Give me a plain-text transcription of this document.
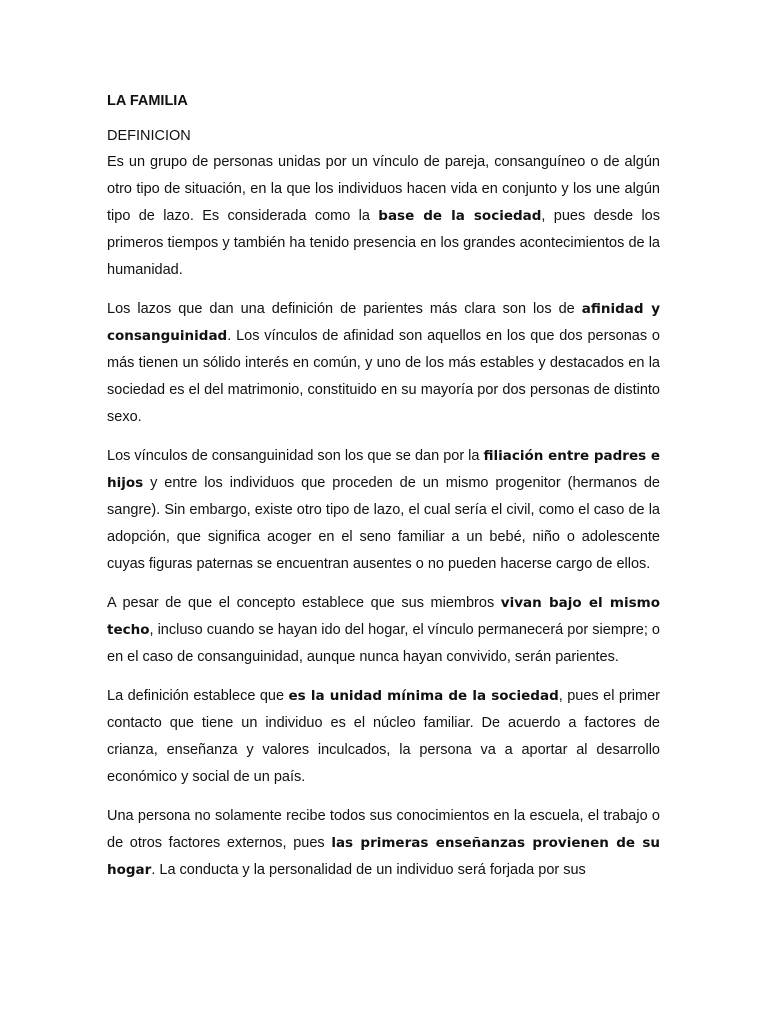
LA FAMILIA
DEFINICION

Es un grupo de personas unidas por un vínculo de pareja, consanguíneo o de algún otro tipo de situación, en la que los individuos hacen vida en conjunto y los une algún tipo de lazo. Es considerada como la base de la sociedad, pues desde los primeros tiempos y también ha tenido presencia en los grandes acontecimientos de la humanidad.

Los lazos que dan una definición de parientes más clara son los de afinidad y consanguinidad. Los vínculos de afinidad son aquellos en los que dos personas o más tienen un sólido interés en común, y uno de los más estables y destacados en la sociedad es el del matrimonio, constituido en su mayoría por dos personas de distinto sexo.

Los vínculos de consanguinidad son los que se dan por la filiación entre padres e hijos y entre los individuos que proceden de un mismo progenitor (hermanos de sangre). Sin embargo, existe otro tipo de lazo, el cual sería el civil, como el caso de la adopción, que significa acoger en el seno familiar a un bebé, niño o adolescente cuyas figuras paternas se encuentran ausentes o no pueden hacerse cargo de ellos.

A pesar de que el concepto establece que sus miembros vivan bajo el mismo techo, incluso cuando se hayan ido del hogar, el vínculo permanecerá por siempre; o en el caso de consanguinidad, aunque nunca hayan convivido, serán parientes.

La definición establece que es la unidad mínima de la sociedad, pues el primer contacto que tiene un individuo es el núcleo familiar. De acuerdo a factores de crianza, enseñanza y valores inculcados, la persona va a aportar al desarrollo económico y social de un país.

Una persona no solamente recibe todos sus conocimientos en la escuela, el trabajo o de otros factores externos, pues las primeras enseñanzas provienen de su hogar. La conducta y la personalidad de un individuo será forjada por sus
